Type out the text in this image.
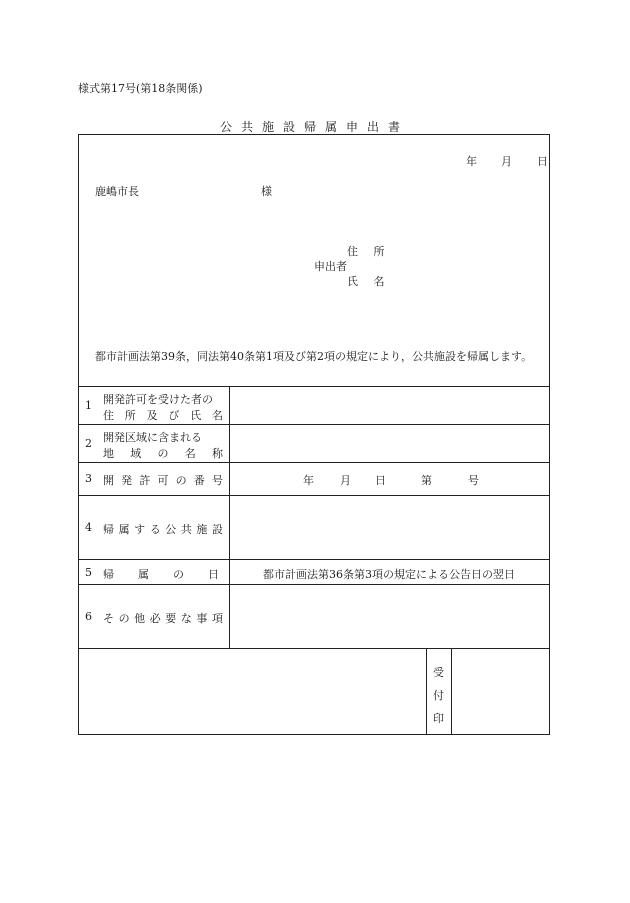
様式第17号(第18条関係)
公共施設帰属申出書
年 月 日
鹿嶋市長	様
住 所
申出者
氏 名
都市計画法第39条，同法第40条第1項及び第2項の規定により，公共施設を帰属します。
1 開発許可を受けた者の
住 所 及 び 氏 名
2 開発区域に含まれる
地 域 の 名 称
3 開 発 許 可 の 番 号	年 月 日	第	号
4 帰 属 す る 公 共 施 設
5 帰 属 の 日	都市計画法第36条第3項の規定による公告日の翌日
6 そ の 他 必 要 な 事 項
受
付
印
